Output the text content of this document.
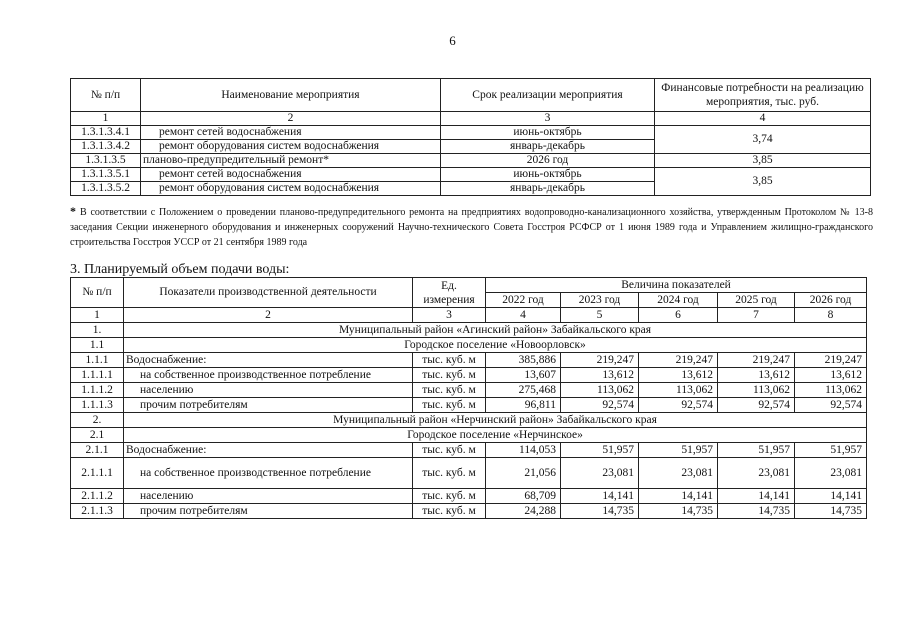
6
№ п/п	Наименование мероприятия	Срок реализации мероприятия	Финансовые потребности на реализацию мероприятия, тыс. руб.
1	2	3	4
1.3.1.3.4.1	ремонт сетей водоснабжения	июнь-октябрь	3,74
1.3.1.3.4.2	ремонт оборудования систем водоснабжения	январь-декабрь	
1.3.1.3.5	планово-предупредительный ремонт*	2026 год	3,85
1.3.1.3.5.1	ремонт сетей водоснабжения	июнь-октябрь	3,85
1.3.1.3.5.2	ремонт оборудования систем водоснабжения	январь-декабрь	
* В соответствии с Положением о проведении планово-предупредительного ремонта на предприятиях водопроводно-канализационного хозяйства, утвержденным Протоколом № 13-8 заседания Секции инженерного оборудования и инженерных сооружений Научно-технического Совета Госстроя РСФСР от 1 июня 1989 года и Управлением жилищно-гражданского строительства Госстроя УССР от 21 сентября 1989 года
3. Планируемый объем подачи воды:
№ п/п	Показатели производственной деятельности	Ед. измерения	Величина показателей				
			2022 год	2023 год	2024 год	2025 год	2026 год
1	2	3	4	5	6	7	8
1.	Муниципальный район «Агинский район» Забайкальского края						
1.1	Городское поселение «Новоорловск»						
1.1.1	Водоснабжение:	тыс. куб. м	385,886	219,247	219,247	219,247	219,247
1.1.1.1	на собственное производственное потребление	тыс. куб. м	13,607	13,612	13,612	13,612	13,612
1.1.1.2	населению	тыс. куб. м	275,468	113,062	113,062	113,062	113,062
1.1.1.3	прочим потребителям	тыс. куб. м	96,811	92,574	92,574	92,574	92,574
2.	Муниципальный район «Нерчинский район» Забайкальского края						
2.1	Городское поселение «Нерчинское»						
2.1.1	Водоснабжение:	тыс. куб. м	114,053	51,957	51,957	51,957	51,957
2.1.1.1	на собственное производственное потребление	тыс. куб. м	21,056	23,081	23,081	23,081	23,081
2.1.1.2	населению	тыс. куб. м	68,709	14,141	14,141	14,141	14,141
2.1.1.3	прочим потребителям	тыс. куб. м	24,288	14,735	14,735	14,735	14,735
